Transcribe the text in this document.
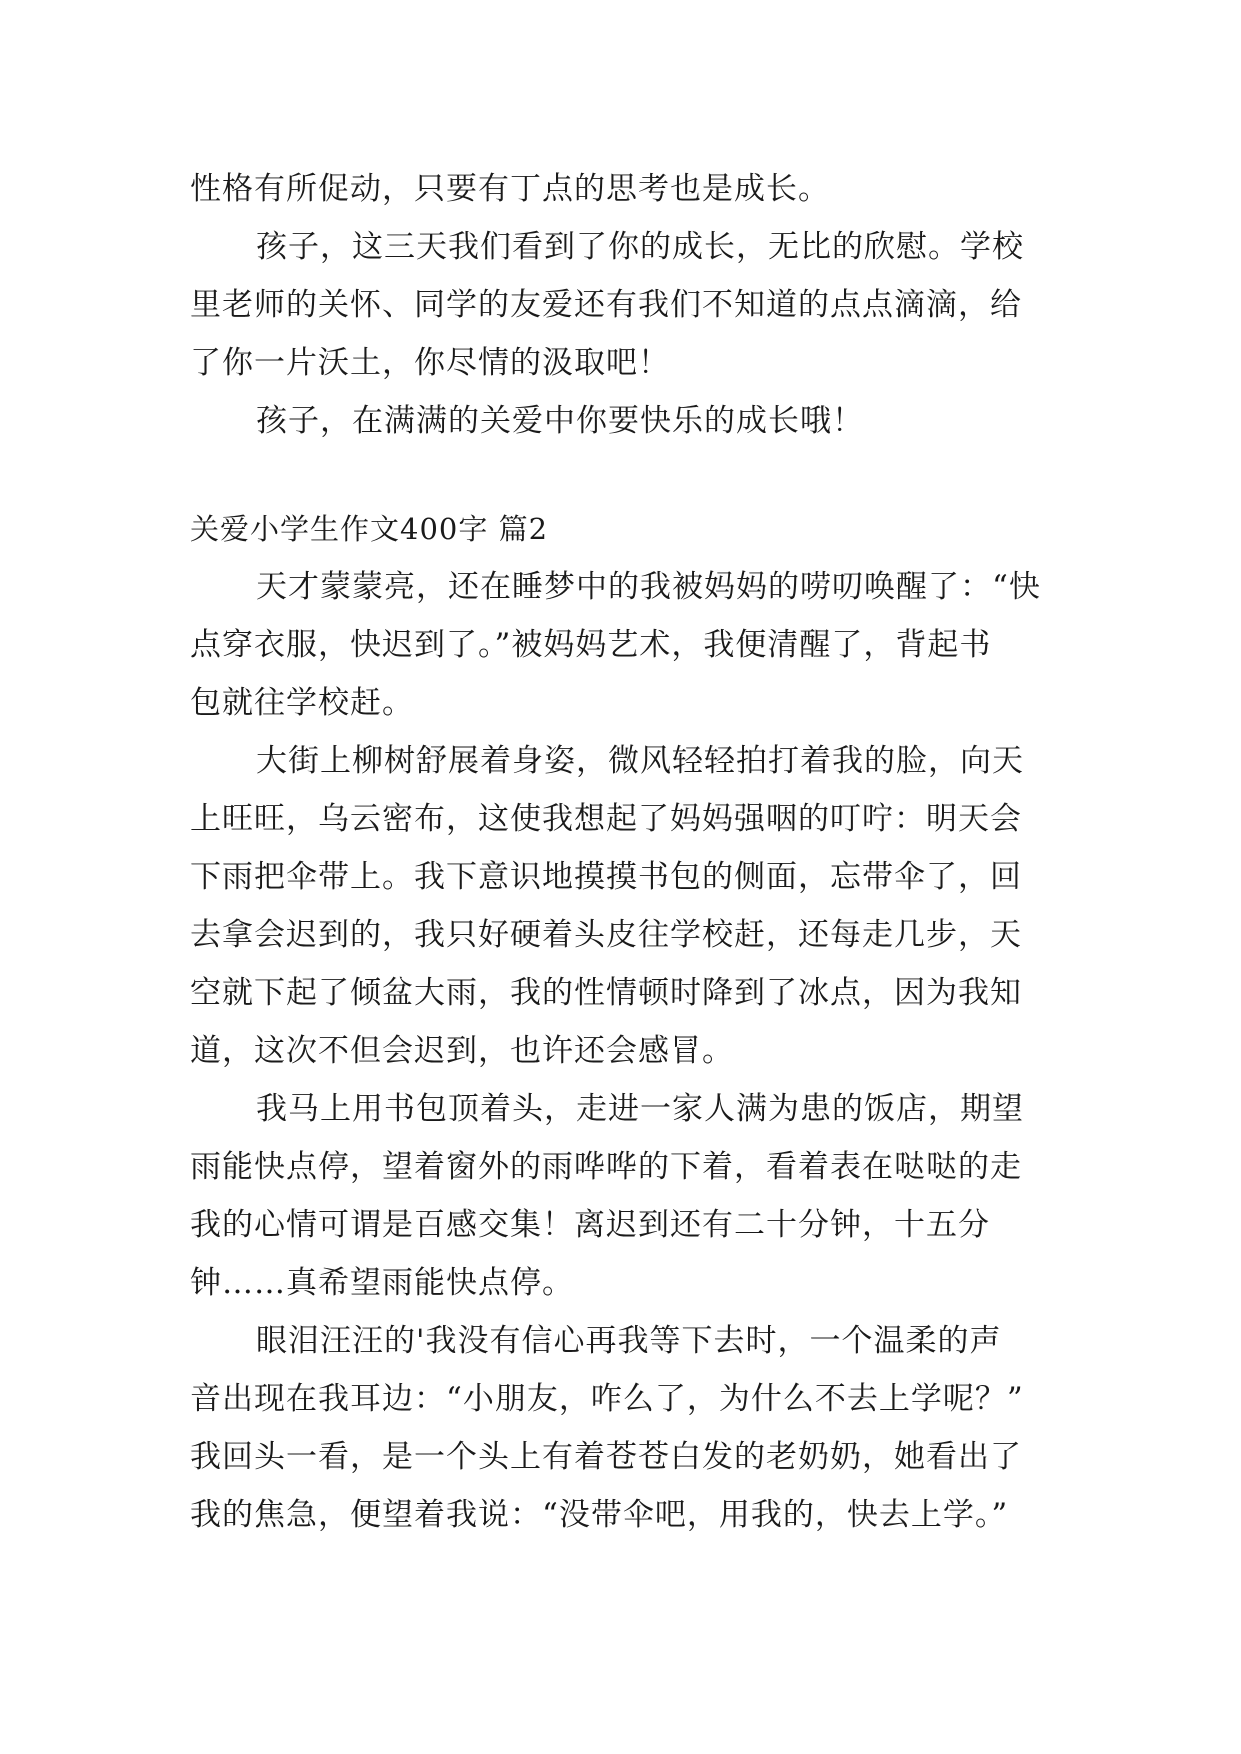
性格有所促动，只要有丁点的思考也是成长。
孩子，这三天我们看到了你的成长，无比的欣慰。学校
里老师的关怀、同学的友爱还有我们不知道的点点滴滴，给
了你一片沃土，你尽情的汲取吧！
孩子，在满满的关爱中你要快乐的成长哦！
关爱小学生作文400字 篇2
天才蒙蒙亮，还在睡梦中的我被妈妈的唠叨唤醒了：“快
点穿衣服，快迟到了。”被妈妈艺术，我便清醒了，背起书
包就往学校赶。
大街上柳树舒展着身姿，微风轻轻拍打着我的脸，向天
上旺旺，乌云密布，这使我想起了妈妈强咽的叮咛：明天会
下雨把伞带上。我下意识地摸摸书包的侧面，忘带伞了，回
去拿会迟到的，我只好硬着头皮往学校赶，还每走几步，天
空就下起了倾盆大雨，我的性情顿时降到了冰点，因为我知
道，这次不但会迟到，也许还会感冒。
我马上用书包顶着头，走进一家人满为患的饭店，期望
雨能快点停，望着窗外的雨哗哗的下着，看着表在哒哒的走
我的心情可谓是百感交集！离迟到还有二十分钟，十五分
钟……真希望雨能快点停。
眼泪汪汪的'我没有信心再我等下去时，一个温柔的声
音出现在我耳边：“小朋友，咋么了，为什么不去上学呢？”
我回头一看，是一个头上有着苍苍白发的老奶奶，她看出了
我的焦急，便望着我说：“没带伞吧，用我的，快去上学。”
